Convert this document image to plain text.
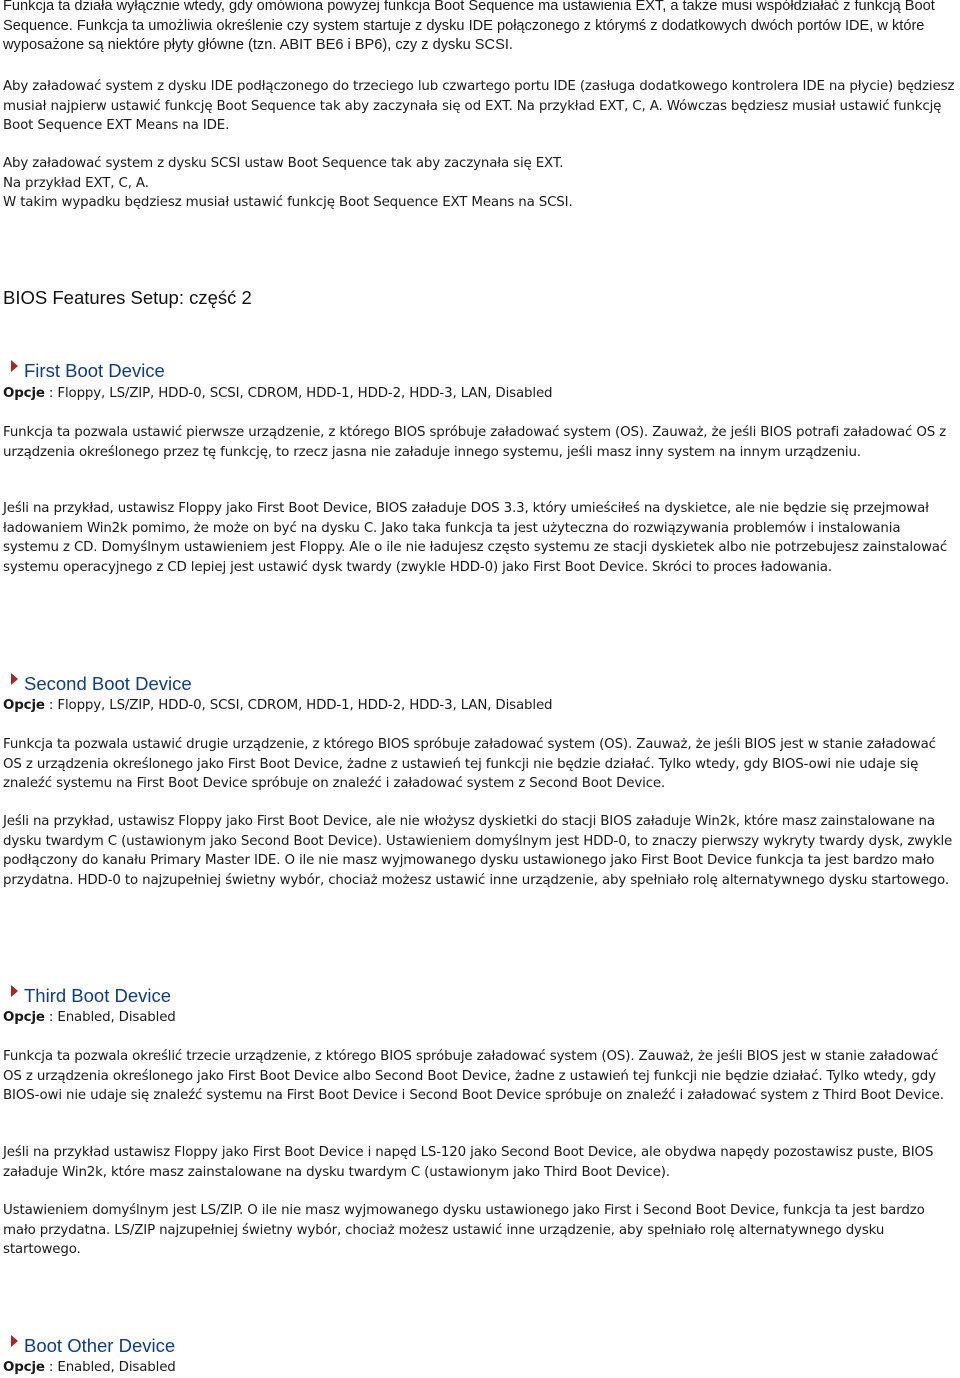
Funkcja ta działa wyłącznie wtedy, gdy omówiona powyżej funkcja Boot Sequence ma ustawienia EXT, a także musi współdziałać z funkcją Boot Sequence. Funkcja ta umożliwia określenie czy system startuje z dysku IDE połączonego z którymś z dodatkowych dwóch portów IDE, w które wyposażone są niektóre płyty główne (tzn. ABIT BE6 i BP6), czy z dysku SCSI.

Aby załadować system z dysku IDE podłączonego do trzeciego lub czwartego portu IDE (zasługa dodatkowego kontrolera IDE na płycie) będziesz musiał najpierw ustawić funkcję Boot Sequence tak aby zaczynała się od EXT. Na przykład EXT, C, A. Wówczas będziesz musiał ustawić funkcję Boot Sequence EXT Means na IDE.

Aby załadować system z dysku SCSI ustaw Boot Sequence tak aby zaczynała się EXT.
Na przykład EXT, C, A.
W takim wypadku będziesz musiał ustawić funkcję Boot Sequence EXT Means na SCSI.
BIOS Features Setup: część 2
First Boot Device
Opcje : Floppy, LS/ZIP, HDD-0, SCSI, CDROM, HDD-1, HDD-2, HDD-3, LAN, Disabled

Funkcja ta pozwala ustawić pierwsze urządzenie, z którego BIOS spróbuje załadować system (OS). Zauważ, że jeśli BIOS potrafi załadować OS z urządzenia określonego przez tę funkcję, to rzecz jasna nie załaduje innego systemu, jeśli masz inny system na innym urządzeniu.

Jeśli na przykład, ustawisz Floppy jako First Boot Device, BIOS załaduje DOS 3.3, który umieściłeś na dyskietce, ale nie będzie się przejmował ładowaniem Win2k pomimo, że może on być na dysku C. Jako taka funkcja ta jest użyteczna do rozwiązywania problemów i instalowania systemu z CD. Domyślnym ustawieniem jest Floppy. Ale o ile nie ładujesz często systemu ze stacji dyskietek albo nie potrzebujesz zainstalować systemu operacyjnego z CD lepiej jest ustawić dysk twardy (zwykle HDD-0) jako First Boot Device. Skróci to proces ładowania.

Second Boot Device
Opcje : Floppy, LS/ZIP, HDD-0, SCSI, CDROM, HDD-1, HDD-2, HDD-3, LAN, Disabled

Funkcja ta pozwala ustawić drugie urządzenie, z którego BIOS spróbuje załadować system (OS). Zauważ, że jeśli BIOS jest w stanie załadować OS z urządzenia określonego jako First Boot Device, żadne z ustawień tej funkcji nie będzie działać. Tylko wtedy, gdy BIOS-owi nie udaje się znaleźć systemu na First Boot Device spróbuje on znaleźć i załadować system z Second Boot Device.

Jeśli na przykład, ustawisz Floppy jako First Boot Device, ale nie włożysz dyskietki do stacji BIOS załaduje Win2k, które masz zainstalowane na dysku twardym C (ustawionym jako Second Boot Device). Ustawieniem domyślnym jest HDD-0, to znaczy pierwszy wykryty twardy dysk, zwykle podłączony do kanału Primary Master IDE. O ile nie masz wyjmowanego dysku ustawionego jako First Boot Device funkcja ta jest bardzo mało przydatna. HDD-0 to najzupełniej świetny wybór, chociaż możesz ustawić inne urządzenie, aby spełniało rolę alternatywnego dysku startowego.

Third Boot Device
Opcje : Enabled, Disabled

Funkcja ta pozwala określić trzecie urządzenie, z którego BIOS spróbuje załadować system (OS). Zauważ, że jeśli BIOS jest w stanie załadować OS z urządzenia określonego jako First Boot Device albo Second Boot Device, żadne z ustawień tej funkcji nie będzie działać. Tylko wtedy, gdy BIOS-owi nie udaje się znaleźć systemu na First Boot Device i Second Boot Device spróbuje on znaleźć i załadować system z Third Boot Device.

Jeśli na przykład ustawisz Floppy jako First Boot Device i napęd LS-120 jako Second Boot Device, ale obydwa napędy pozostawisz puste, BIOS załaduje Win2k, które masz zainstalowane na dysku twardym C (ustawionym jako Third Boot Device).

Ustawieniem domyślnym jest LS/ZIP. O ile nie masz wyjmowanego dysku ustawionego jako First i Second Boot Device, funkcja ta jest bardzo mało przydatna. LS/ZIP najzupełniej świetny wybór, chociaż możesz ustawić inne urządzenie, aby spełniało rolę alternatywnego dysku startowego.

Boot Other Device
Opcje : Enabled, Disabled
